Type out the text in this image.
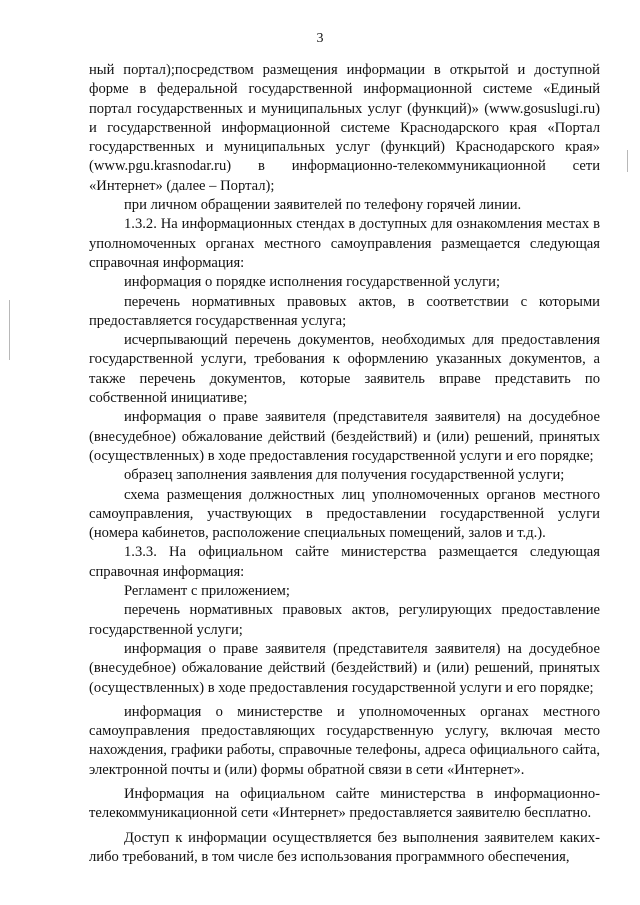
3

ный портал);посредством размещения информации в открытой и доступной форме в федеральной государственной информационной системе «Единый портал государственных и муниципальных услуг (функций)» (www.gosuslugi.ru) и государственной информационной системе Краснодарского края «Портал государственных и муниципальных услуг (функций) Краснодарского края» (www.pgu.krasnodar.ru) в информационно-телекоммуникационной сети «Интернет» (далее – Портал);

при личном обращении заявителей по телефону горячей линии.

1.3.2. На информационных стендах в доступных для ознакомления местах в уполномоченных органах местного самоуправления размещается следующая справочная информация:

информация о порядке исполнения государственной услуги;

перечень нормативных правовых актов, в соответствии с которыми предоставляется государственная услуга;

исчерпывающий перечень документов, необходимых для предоставления государственной услуги, требования к оформлению указанных документов, а также перечень документов, которые заявитель вправе представить по собственной инициативе;

информация о праве заявителя (представителя заявителя) на досудебное (внесудебное) обжалование действий (бездействий) и (или) решений, принятых (осуществленных) в ходе предоставления государственной услуги и его порядке;

образец заполнения заявления для получения государственной услуги;

схема размещения должностных лиц уполномоченных органов местного самоуправления, участвующих в предоставлении государственной услуги (номера кабинетов, расположение специальных помещений, залов и т.д.).

1.3.3. На официальном сайте министерства размещается следующая справочная информация:

Регламент с приложением;

перечень нормативных правовых актов, регулирующих предоставление государственной услуги;

информация о праве заявителя (представителя заявителя) на досудебное (внесудебное) обжалование действий (бездействий) и (или) решений, принятых (осуществленных) в ходе предоставления государственной услуги и его порядке;

информация о министерстве и уполномоченных органах местного самоуправления предоставляющих государственную услугу, включая место нахождения, графики работы, справочные телефоны, адреса официального сайта, электронной почты и (или) формы обратной связи в сети «Интернет».

Информация на официальном сайте министерства в информационно-телекоммуникационной сети «Интернет» предоставляется заявителю бесплатно.

Доступ к информации осуществляется без выполнения заявителем каких-либо требований, в том числе без использования программного обеспечения,
